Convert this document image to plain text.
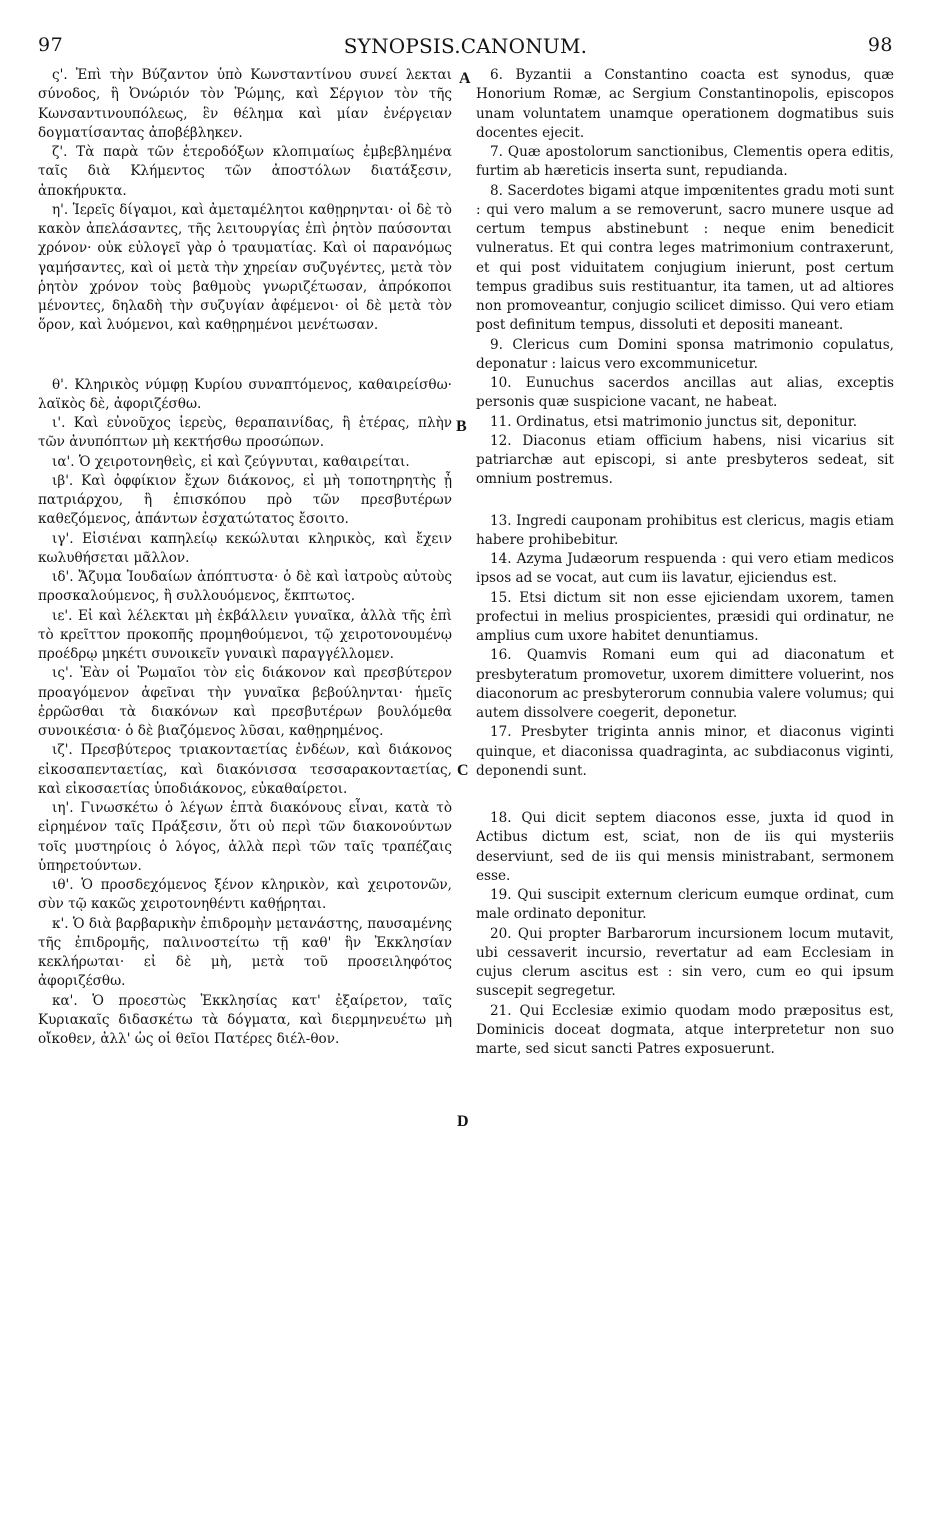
97	SYNOPSIS.CANONUM.	98

ς'. Ἐπὶ τὴν Βύζαντον ὑπὸ Κωνσταντίνου συνεί λεκται σύνοδος, ἣ Ὀνώριόν τὸν Ῥώμης, καὶ Σέργιον τὸν τῆς Κωνσαντινουπόλεως, ἓν θέλημα καὶ μίαν ἐνέργειαν δογματίσαντας ἀποβέβληκεν.

ζ'. Τὰ παρὰ τῶν ἑτεροδόξων κλοπιμαίως ἐμβεβλημένα ταῖς διὰ Κλήμεντος τῶν ἀποστόλων διατάξεσιν, ἀποκήρυκτα.

η'. Ἱερεῖς δίγαμοι, καὶ ἀμεταμέλητοι καθῃρηνται· οἱ δὲ τὸ κακὸν ἀπελάσαντες, τῆς λειτουργίας ἐπὶ ῥητὸν παύσονται χρόνον· οὐκ εὐλογεῖ γὰρ ὁ τραυματίας. Καὶ οἱ παρανόμως γαμήσαντες, καὶ οἱ μετὰ τὴν χηρείαν συζυγέντες, μετὰ τὸν ῥητὸν χρόνον τοὺς βαθμοὺς γνωριζέτωσαν, ἀπρόκοποι μένοντες, δηλαδὴ τὴν συζυγίαν ἀφέμενοι· οἱ δὲ μετὰ τὸν ὅρον, καὶ λυόμενοι, καὶ καθῃρημένοι μενέτωσαν.

θ'. Κληρικὸς νύμφῃ Κυρίου συναπτόμενος, καθαιρείσθω· λαϊκὸς δὲ, ἀφοριζέσθω.

ι'. Καὶ εὐνοῦχος ἱερεὺς, θεραπαινίδας, ἢ ἑτέρας, πλὴν τῶν ἀνυπόπτων μὴ κεκτήσθω προσώπων.

ια'. Ὁ χειροτονηθεὶς, εἰ καὶ ζεύγνυται, καθαιρείται.

ιβ'. Καὶ ὀφφίκιον ἔχων διάκονος, εἰ μὴ τοποτηρητὴς ᾖ πατριάρχου, ἢ ἐπισκόπου πρὸ τῶν πρεσβυτέρων καθεζόμενος, ἁπάντων ἐσχατώτατος ἔσοιτο.

ιγ'. Εἰσιέναι καπηλείῳ κεκώλυται κληρικὸς, καὶ ἔχειν κωλυθήσεται μᾶλλον.

ιδ'. Ἄζυμα Ἰουδαίων ἀπόπτυστα· ὁ δὲ καὶ ἰατροὺς αὐτοὺς προσκαλούμενος, ἢ συλλουόμενος, ἔκπτωτος.

ιε'. Εἰ καὶ λέλεκται μὴ ἐκβάλλειν γυναῖκα, ἀλλὰ τῆς ἐπὶ τὸ κρεῖττον προκοπῆς προμηθούμενοι, τῷ χειροτονουμένῳ προέδρῳ μηκέτι συνοικεῖν γυναικὶ παραγγέλλομεν.

ις'. Ἐὰν οἱ Ῥωμαῖοι τὸν εἰς διάκονον καὶ πρεσβύτερον προαγόμενον ἀφεῖναι τὴν γυναῖκα βεβούληνται· ἡμεῖς ἐρρῶσθαι τὰ διακόνων καὶ πρεσβυτέρων βουλόμεθα συνοικέσια· ὁ δὲ βιαζόμενος λῦσαι, καθῃρημένος.

ιζ'. Πρεσβύτερος τριακονταετίας ἐνδέων, καὶ διάκονος εἰκοσαπενταετίας, καὶ διακόνισσα τεσσαρακονταετίας, καὶ εἰκοσαετίας ὑποδιάκονος, εὐκαθαίρετοι.

ιη'. Γινωσκέτω ὁ λέγων ἑπτὰ διακόνους εἶναι, κατὰ τὸ εἰρημένον ταῖς Πράξεσιν, ὅτι οὐ περὶ τῶν διακονούντων τοῖς μυστηρίοις ὁ λόγος, ἀλλὰ περὶ τῶν ταῖς τραπέζαις ὑπηρετούντων.

ιθ'. Ὁ προσδεχόμενος ξένον κληρικὸν, καὶ χειροτονῶν, σὺν τῷ κακῶς χειροτονηθέντι καθῄρηται.

κ'. Ὁ διὰ βαρβαρικὴν ἐπιδρομὴν μετανάστης, παυσαμένης τῆς ἐπιδρομῆς, παλινοστείτω τῇ καθ' ἣν Ἐκκλησίαν κεκλήρωται· εἰ δὲ μὴ, μετὰ τοῦ προσειληφότος ἀφοριζέσθω.

κα'. Ὁ προεστὼς Ἐκκλησίας κατ' ἐξαίρετον, ταῖς Κυριακαῖς διδασκέτω τὰ δόγματα, καὶ διερμηνευέτω μὴ οἴκοθεν, ἀλλ' ὡς οἱ θεῖοι Πατέρες διέλ-θον.

A
B
C
D

6. Byzantii a Constantino coacta est synodus, quæ Honorium Romæ, ac Sergium Constantinopolis, episcopos unam voluntatem unamque operationem dogmatibus suis docentes ejecit.

7. Quæ apostolorum sanctionibus, Clementis opera editis, furtim ab hæreticis inserta sunt, repudianda.

8. Sacerdotes bigami atque impœnitentes gradu moti sunt : qui vero malum a se removerunt, sacro munere usque ad certum tempus abstinebunt : neque enim benedicit vulneratus. Et qui contra leges matrimonium contraxerunt, et qui post viduitatem conjugium inierunt, post certum tempus gradibus suis restituantur, ita tamen, ut ad altiores non promoveantur, conjugio scilicet dimisso. Qui vero etiam post definitum tempus, dissoluti et depositi maneant.

9. Clericus cum Domini sponsa matrimonio copulatus, deponatur : laicus vero excommunicetur.

10. Eunuchus sacerdos ancillas aut alias, exceptis personis quæ suspicione vacant, ne habeat.

11. Ordinatus, etsi matrimonio junctus sit, deponitur.

12. Diaconus etiam officium habens, nisi vicarius sit patriarchæ aut episcopi, si ante presbyteros sedeat, sit omnium postremus.

13. Ingredi cauponam prohibitus est clericus, magis etiam habere prohibebitur.

14. Azyma Judæorum respuenda : qui vero etiam medicos ipsos ad se vocat, aut cum iis lavatur, ejiciendus est.

15. Etsi dictum sit non esse ejiciendam uxorem, tamen profectui in melius prospicientes, præsidi qui ordinatur, ne amplius cum uxore habitet denuntiamus.

16. Quamvis Romani eum qui ad diaconatum et presbyteratum promovetur, uxorem dimittere voluerint, nos diaconorum ac presbyterorum connubia valere volumus; qui autem dissolvere coegerit, deponetur.

17. Presbyter triginta annis minor, et diaconus viginti quinque, et diaconissa quadraginta, ac subdiaconus viginti, deponendi sunt.

18. Qui dicit septem diaconos esse, juxta id quod in Actibus dictum est, sciat, non de iis qui mysteriis deserviunt, sed de iis qui mensis ministrabant, sermonem esse.

19. Qui suscipit externum clericum eumque ordinat, cum male ordinato deponitur.

20. Qui propter Barbarorum incursionem locum mutavit, ubi cessaverit incursio, revertatur ad eam Ecclesiam in cujus clerum ascitus est : sin vero, cum eo qui ipsum suscepit segregetur.

21. Qui Ecclesiæ eximio quodam modo præpositus est, Dominicis doceat dogmata, atque interpretetur non suo marte, sed sicut sancti Patres exposuerunt.
